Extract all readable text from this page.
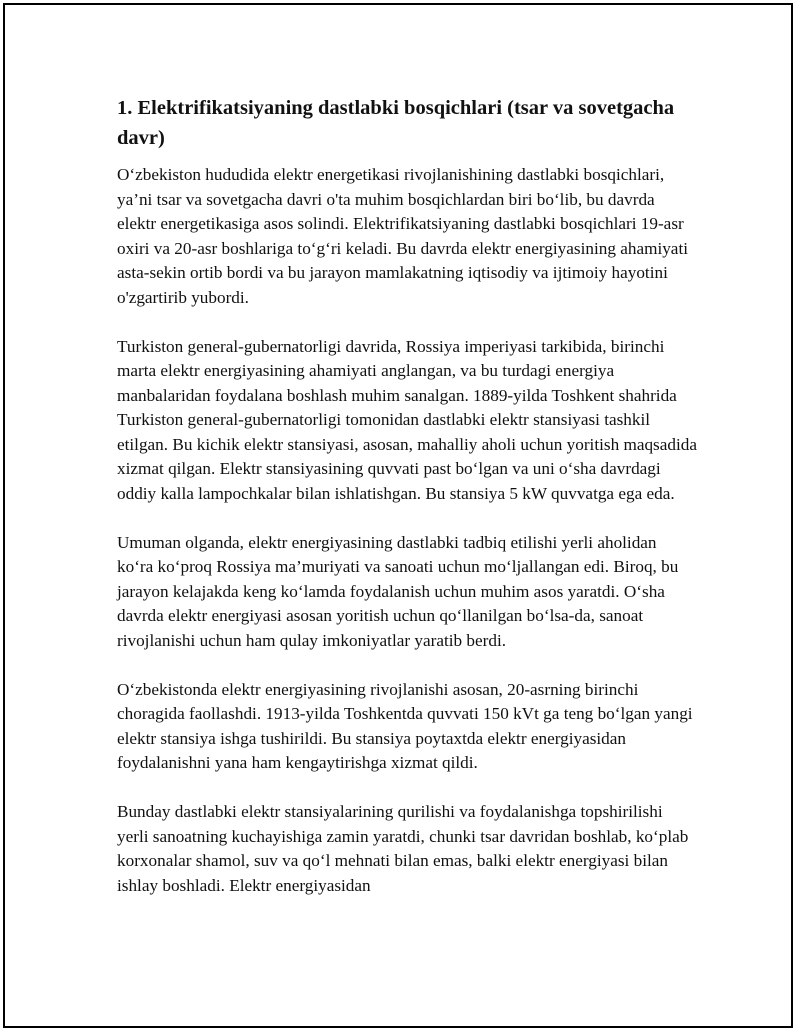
1. Elektrifikatsiyaning dastlabki bosqichlari (tsar va sovetgacha davr)

O‘zbekiston hududida elektr energetikasi rivojlanishining dastlabki bosqichlari, ya’ni tsar va sovetgacha davri o'ta muhim bosqichlardan biri bo‘lib, bu davrda elektr energetikasiga asos solindi. Elektrifikatsiyaning dastlabki bosqichlari 19-asr oxiri va 20-asr boshlariga to‘g‘ri keladi. Bu davrda elektr energiyasining ahamiyati asta-sekin ortib bordi va bu jarayon mamlakatning iqtisodiy va ijtimoiy hayotini o'zgartirib yubordi.

Turkiston general-gubernatorligi davrida, Rossiya imperiyasi tarkibida, birinchi marta elektr energiyasining ahamiyati anglangan, va bu turdagi energiya manbalaridan foydalana boshlash muhim sanalgan. 1889-yilda Toshkent shahrida Turkiston general-gubernatorligi tomonidan dastlabki elektr stansiyasi tashkil etilgan. Bu kichik elektr stansiyasi, asosan, mahalliy aholi uchun yoritish maqsadida xizmat qilgan. Elektr stansiyasining quvvati past bo‘lgan va uni o‘sha davrdagi oddiy kalla lampochkalar bilan ishlatishgan. Bu stansiya 5 kW quvvatga ega eda.

Umuman olganda, elektr energiyasining dastlabki tadbiq etilishi yerli aholidan ko‘ra ko‘proq Rossiya ma’muriyati va sanoati uchun mo‘ljallangan edi. Biroq, bu jarayon kelajakda keng ko‘lamda foydalanish uchun muhim asos yaratdi. O‘sha davrda elektr energiyasi asosan yoritish uchun qo‘llanilgan bo‘lsa-da, sanoat rivojlanishi uchun ham qulay imkoniyatlar yaratib berdi.

O‘zbekistonda elektr energiyasining rivojlanishi asosan, 20-asrning birinchi choragida faollashdi. 1913-yilda Toshkentda quvvati 150 kVt ga teng bo‘lgan yangi elektr stansiya ishga tushirildi. Bu stansiya poytaxtda elektr energiyasidan foydalanishni yana ham kengaytirishga xizmat qildi.

Bunday dastlabki elektr stansiyalarining qurilishi va foydalanishga topshirilishi yerli sanoatning kuchayishiga zamin yaratdi, chunki tsar davridan boshlab, ko‘plab korxonalar shamol, suv va qo‘l mehnati bilan emas, balki elektr energiyasi bilan ishlay boshladi. Elektr energiyasidan
